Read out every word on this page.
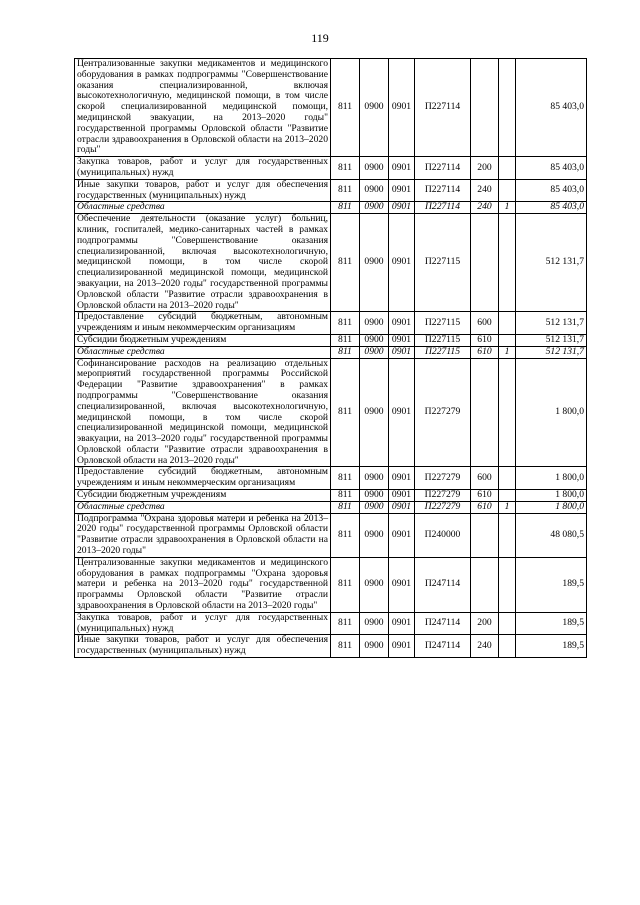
119
Централизованные закупки медикаментов и медицинского оборудования в рамках подпрограммы "Совершенствование оказания специализированной, включая высокотехнологичную, медицинской помощи, в том числе скорой специализированной медицинской помощи, медицинской эвакуации, на 2013–2020 годы" государственной программы Орловской области "Развитие отрасли здравоохранения в Орловской области на 2013–2020 годы"	811	0900	0901	П227114			85 403,0
Закупка товаров, работ и услуг для государственных (муниципальных) нужд	811	0900	0901	П227114	200		85 403,0
Иные закупки товаров, работ и услуг для обеспечения государственных (муниципальных) нужд	811	0900	0901	П227114	240		85 403,0
Областные средства	811	0900	0901	П227114	240	1	85 403,0
Обеспечение деятельности (оказание услуг) больниц, клиник, госпиталей, медико-санитарных частей в рамках подпрограммы "Совершенствование оказания специализированной, включая высокотехнологичную, медицинской помощи, в том числе скорой специализированной медицинской помощи, медицинской эвакуации, на 2013–2020 годы" государственной программы Орловской области "Развитие отрасли здравоохранения в Орловской области на 2013–2020 годы"	811	0900	0901	П227115			512 131,7
Предоставление субсидий бюджетным, автономным учреждениям и иным некоммерческим организациям	811	0900	0901	П227115	600		512 131,7
Субсидии бюджетным учреждениям	811	0900	0901	П227115	610		512 131,7
Областные средства	811	0900	0901	П227115	610	1	512 131,7
Софинансирование расходов на реализацию отдельных мероприятий государственной программы Российской Федерации "Развитие здравоохранения" в рамках подпрограммы "Совершенствование оказания специализированной, включая высокотехнологичную, медицинской помощи, в том числе скорой специализированной медицинской помощи, медицинской эвакуации, на 2013–2020 годы" государственной программы Орловской области "Развитие отрасли здравоохранения в Орловской области на 2013–2020 годы"	811	0900	0901	П227279			1 800,0
Предоставление субсидий бюджетным, автономным учреждениям и иным некоммерческим организациям	811	0900	0901	П227279	600		1 800,0
Субсидии бюджетным учреждениям	811	0900	0901	П227279	610		1 800,0
Областные средства	811	0900	0901	П227279	610	1	1 800,0
Подпрограмма "Охрана здоровья матери и ребенка на 2013–2020 годы" государственной программы Орловской области "Развитие отрасли здравоохранения в Орловской области на 2013–2020 годы"	811	0900	0901	П240000			48 080,5
Централизованные закупки медикаментов и медицинского оборудования в рамках подпрограммы "Охрана здоровья матери и ребенка на 2013–2020 годы" государственной программы Орловской области "Развитие отрасли здравоохранения в Орловской области на 2013–2020 годы"	811	0900	0901	П247114			189,5
Закупка товаров, работ и услуг для государственных (муниципальных) нужд	811	0900	0901	П247114	200		189,5
Иные закупки товаров, работ и услуг для обеспечения государственных (муниципальных) нужд	811	0900	0901	П247114	240		189,5
